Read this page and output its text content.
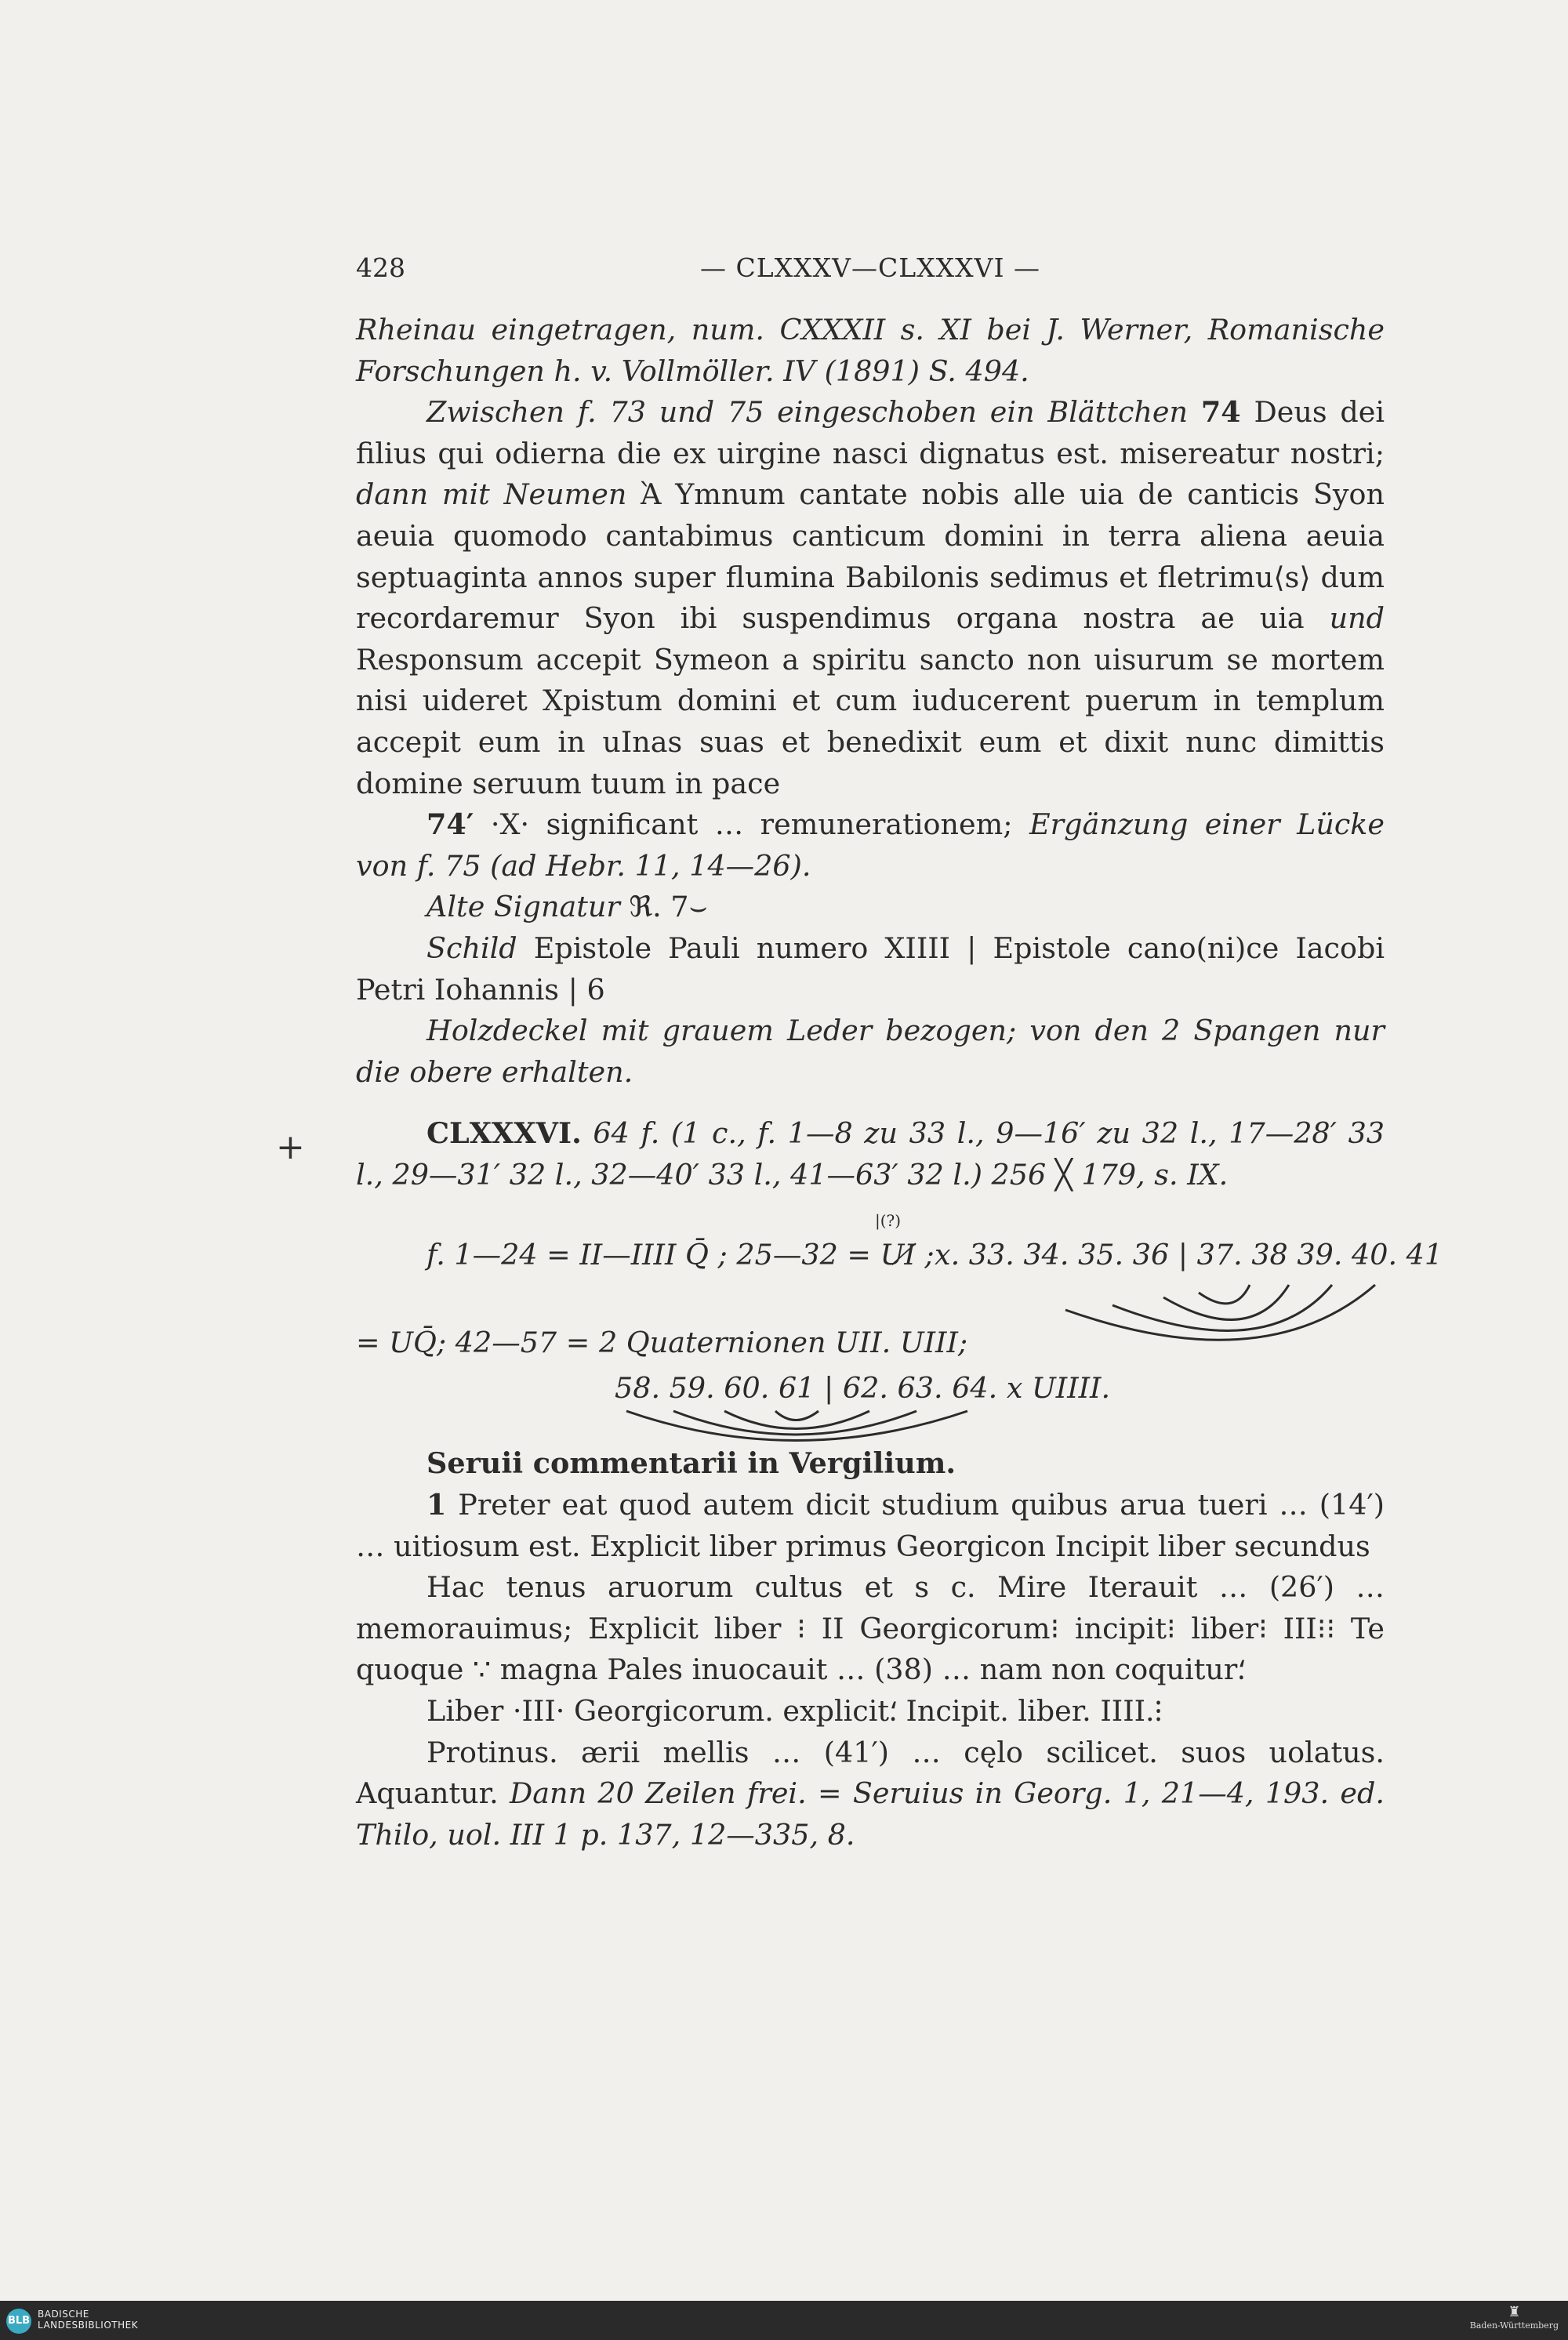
428	— CLXXXV—CLXXXVI —
+

Rheinau eingetragen, num. CXXXII s. XI bei J. Werner, Romanische Forschungen h. v. Vollmöller. IV (1891) S. 494.

Zwischen f. 73 und 75 eingeschoben ein Blättchen 74 Deus dei filius qui odierna die ex uirgine nasci dignatus est. misereatur nostri; dann mit Neumen Ὰ Ymnum cantate nobis alle uia de canticis Syon aeuia quomodo cantabimus canticum domini in terra aliena aeuia septuaginta annos super flumina Babilonis sedimus et fletrimu⟨s⟩ dum recordaremur Syon ibi suspendimus organa nostra ae uia und Responsum accepit Symeon a spiritu sancto non uisurum se mortem nisi uideret Xpistum domini et cum iuducerent puerum in templum accepit eum in uInas suas et benedixit eum et dixit nunc dimittis domine seruum tuum in pace

74′ ·X· significant … remunerationem; Ergänzung einer Lücke von f. 75 (ad Hebr. 11, 14—26).

Alte Signatur ℜ. 7⌣

Schild Epistole Pauli numero XIIII | Epistole cano(ni)ce Iacobi Petri Iohannis | 6

Holzdeckel mit grauem Leder bezogen; von den 2 Spangen nur die obere erhalten.

CLXXXVI. 64 f. (1 c., f. 1—8 zu 33 l., 9—16′ zu 32 l., 17—28′ 33 l., 29—31′ 32 l., 32—40′ 33 l., 41—63′ 32 l.) 256 ╳ 179, s. IX.

|(?)
f. 1—24 = II—IIII Q̄ ; 25—32 = UI̸ ; x. 33. 34. 35. 36 | 37. 38 39. 40. 41
= UQ̄; 42—57 = 2 Quaternionen UII. UIII;
58. 59. 60. 61 | 62. 63. 64. x UIIII.

Seruii commentarii in Vergilium.

1 Preter eat quod autem dicit studium quibus arua tueri … (14′) … uitiosum est. Explicit liber primus Georgicon Incipit liber secundus

Hac tenus aruorum cultus et s c. Mire Iterauit … (26′) … memorauimus; Explicit liber ⁝ II Georgicorum⁝ incipit⁝ liber⁝ III⁝⁝ Te quoque ∵ magna Pales inuocauit … (38) … nam non coquitur⸵

Liber ·III· Georgicorum. explicit⸵ Incipit. liber. IIII.⁝

Protinus. ærii mellis … (41′) … cęlo scilicet. suos uolatus. Aquantur. Dann 20 Zeilen frei. = Seruius in Georg. 1, 21—4, 193. ed. Thilo, uol. III 1 p. 137, 12—335, 8.

BLB
BADISCHE
LANDESBIBLIOTHEK
♜
Baden-Württemberg
